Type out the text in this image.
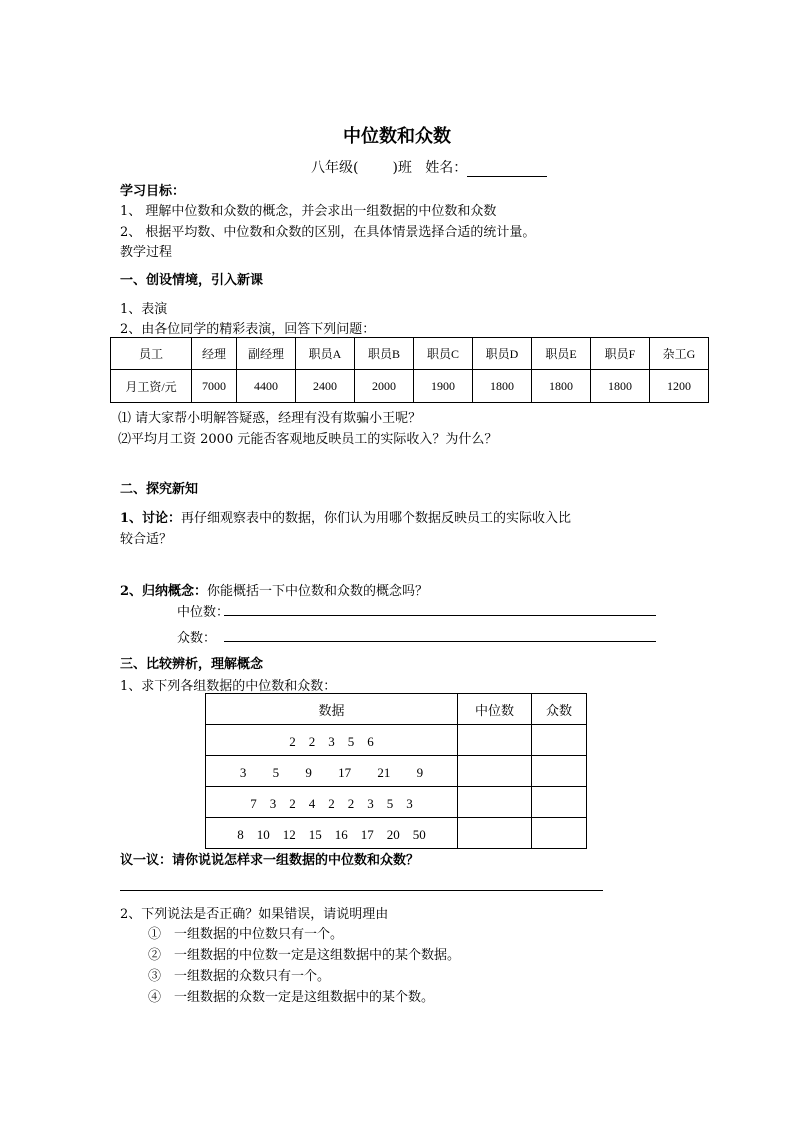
中位数和众数
八年级( )班 姓名：
学习目标：
1、 理解中位数和众数的概念，并会求出一组数据的中位数和众数
2、 根据平均数、中位数和众数的区别，在具体情景选择合适的统计量。
教学过程
一、创设情境，引入新课
1、表演
2、由各位同学的精彩表演，回答下列问题：
员工	经理	副经理	职员A	职员B	职员C	职员D	职员E	职员F	杂工G
月工资/元	7000	4400	2400	2000	1900	1800	1800	1800	1200
⑴ 请大家帮小明解答疑惑，经理有没有欺骗小王呢？
⑵平均月工资 2000 元能否客观地反映员工的实际收入？为什么？
二、探究新知
1、讨论：再仔细观察表中的数据，你们认为用哪个数据反映员工的实际收入比
较合适？
2、归纳概念：你能概括一下中位数和众数的概念吗？
中位数：
众数：
三、比较辨析，理解概念
1、求下列各组数据的中位数和众数：
数据	中位数	众数
2　2　3　5　6		
3　 5　 9　 17　 21　 9		
7　3　2　4　2　2　3　5　3		
8　10　12　15　16　17　20　50		
议一议：请你说说怎样求一组数据的中位数和众数？
2、下列说法是否正确？如果错误，请说明理由
①　一组数据的中位数只有一个。
②　一组数据的中位数一定是这组数据中的某个数据。
③　一组数据的众数只有一个。
④　一组数据的众数一定是这组数据中的某个数。
